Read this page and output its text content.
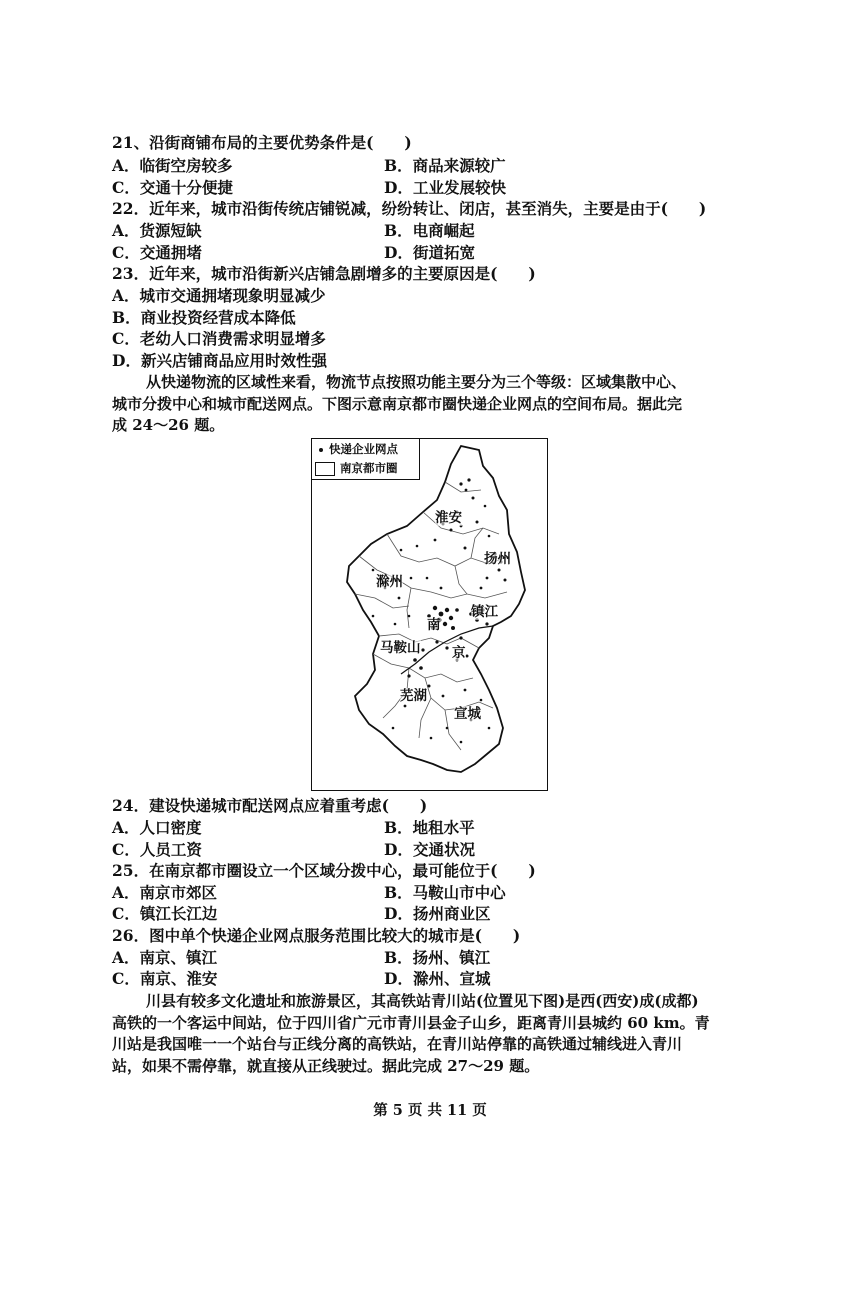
21、沿街商铺布局的主要优势条件是(　　)
A．临街空房较多	B．商品来源较广
C．交通十分便捷	D．工业发展较快
22．近年来，城市沿街传统店铺锐减，纷纷转让、闭店，甚至消失，主要是由于(　　)
A．货源短缺	B．电商崛起
C．交通拥堵	D．街道拓宽
23．近年来，城市沿街新兴店铺急剧增多的主要原因是(　　)
A．城市交通拥堵现象明显减少
B．商业投资经营成本降低
C．老幼人口消费需求明显增多
D．新兴店铺商品应用时效性强
从快递物流的区域性来看，物流节点按照功能主要分为三个等级：区域集散中心、
城市分拨中心和城市配送网点。下图示意南京都市圈快递企业网点的空间布局。据此完
成 24～26 题。
快递企业网点
南京都市圈
淮安
扬州
滁州
镇江
南
京
马鞍山
芜湖
宣城
24．建设快递城市配送网点应着重考虑(　　)
A．人口密度	B．地租水平
C．人员工资	D．交通状况
25．在南京都市圈设立一个区域分拨中心，最可能位于(　　)
A．南京市郊区	B．马鞍山市中心
C．镇江长江边	D．扬州商业区
26．图中单个快递企业网点服务范围比较大的城市是(　　)
A．南京、镇江	B．扬州、镇江
C．南京、淮安	D．滁州、宣城
川县有较多文化遗址和旅游景区，其高铁站青川站(位置见下图)是西(西安)成(成都)
高铁的一个客运中间站，位于四川省广元市青川县金子山乡，距离青川县城约 60 km。青
川站是我国唯一一个站台与正线分离的高铁站，在青川站停靠的高铁通过辅线进入青川
站，如果不需停靠，就直接从正线驶过。据此完成 27～29 题。
第 5 页 共 11 页
